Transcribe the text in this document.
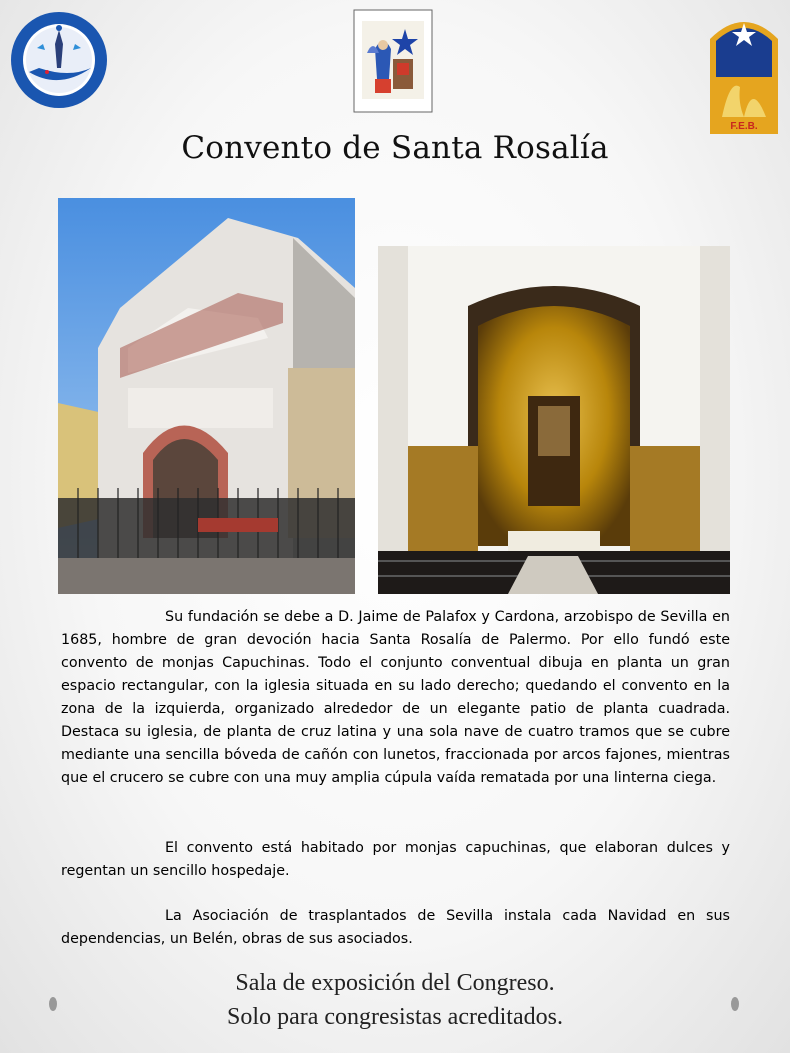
F.E.B.
Convento de Santa Rosalía

Su fundación se debe a D. Jaime de Palafox y Cardona, arzobispo de Sevilla en 1685, hombre de gran devoción hacia Santa Rosalía de Palermo. Por ello fundó este convento de monjas Capuchinas. Todo el conjunto conventual dibuja en planta un gran espacio rectangular, con la iglesia situada en su lado derecho; quedando el convento en la zona de la izquierda, organizado alrededor de un elegante patio de planta cuadrada. Destaca su iglesia, de planta de cruz latina y una sola nave de cuatro tramos que se cubre mediante una sencilla bóveda de cañón con lunetos, fraccionada por arcos fajones, mientras que el crucero se cubre con una muy amplia cúpula vaída rematada por una linterna ciega.

El convento está habitado por monjas capuchinas, que elaboran dulces y regentan un sencillo hospedaje.

La Asociación de trasplantados de Sevilla instala cada Navidad en sus dependencias, un Belén, obras de sus asociados.

Sala de exposición del Congreso.
Solo para congresistas acreditados.
